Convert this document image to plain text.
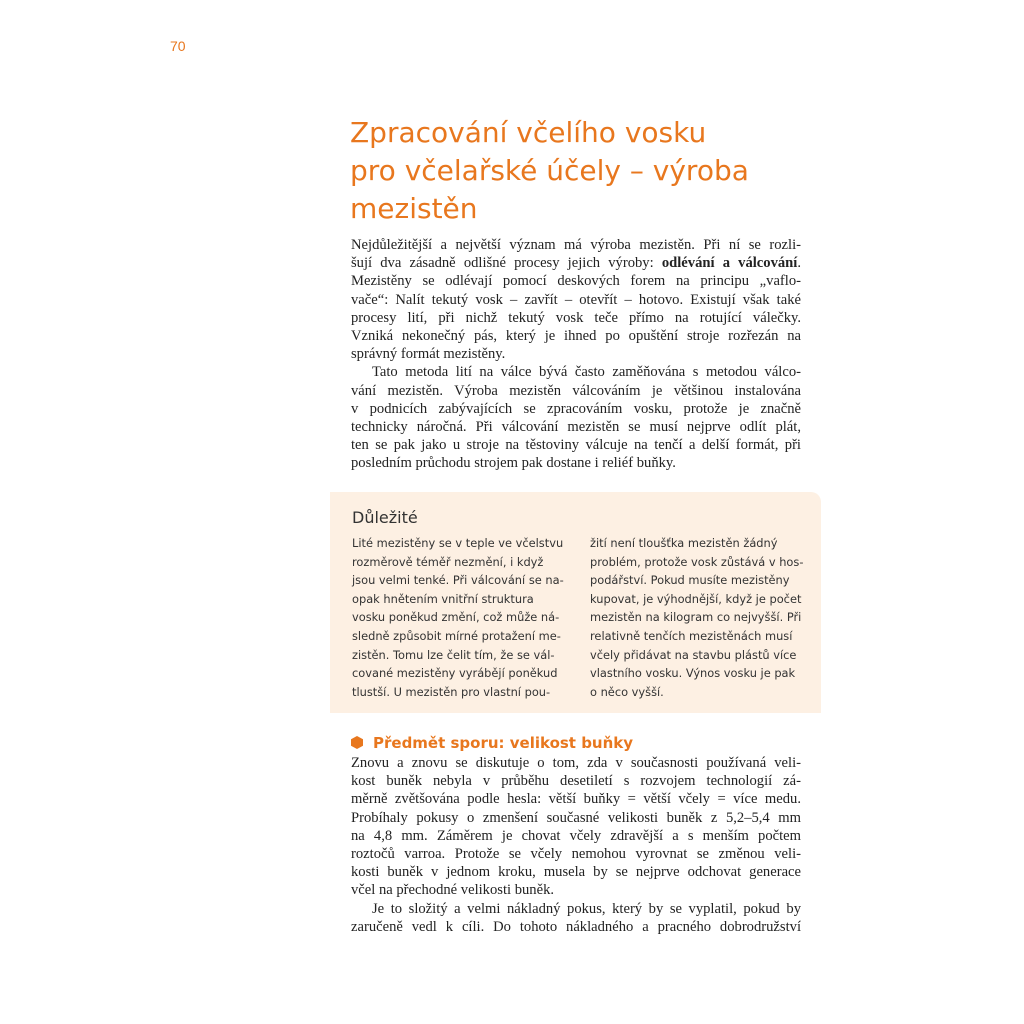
70
Zpracování včelího vosku
pro včelařské účely – výroba
mezistěn

Nejdůležitější a největší význam má výroba mezistěn. Při ní se rozli-
šují dva zásadně odlišné procesy jejich výroby: odlévání a válcování.
Mezistěny se odlévají pomocí deskových forem na principu „vaflo-
vače“: Nalít tekutý vosk – zavřít – otevřít – hotovo. Existují však také
procesy lití, při nichž tekutý vosk teče přímo na rotující válečky.
Vzniká nekonečný pás, který je ihned po opuštění stroje rozřezán na
správný formát mezistěny.

Tato metoda lití na válce bývá často zaměňována s metodou válco-
vání mezistěn. Výroba mezistěn válcováním je většinou instalována
v podnicích zabývajících se zpracováním vosku, protože je značně
technicky náročná. Při válcování mezistěn se musí nejprve odlít plát,
ten se pak jako u stroje na těstoviny válcuje na tenčí a delší formát, při
posledním průchodu strojem pak dostane i reliéf buňky.

Důležité
Lité mezistěny se v teple ve včelstvu
rozměrově téměř nezmění, i když
jsou velmi tenké. Při válcování se na-
opak hnětením vnitřní struktura
vosku poněkud změní, což může ná-
sledně způsobit mírné protažení me-
zistěn. Tomu lze čelit tím, že se vál-
cované mezistěny vyrábějí poněkud
tlustší. U mezistěn pro vlastní pou-
žití není tloušťka mezistěn žádný
problém, protože vosk zůstává v hos-
podářství. Pokud musíte mezistěny
kupovat, je výhodnější, když je počet
mezistěn na kilogram co nejvyšší. Při
relativně tenčích mezistěnách musí
včely přidávat na stavbu plástů více
vlastního vosku. Výnos vosku je pak
o něco vyšší.
Předmět sporu: velikost buňky

Znovu a znovu se diskutuje o tom, zda v současnosti používaná veli-
kost buněk nebyla v průběhu desetiletí s rozvojem technologií zá-
měrně zvětšována podle hesla: větší buňky = větší včely = více medu.
Probíhaly pokusy o zmenšení současné velikosti buněk z 5,2–5,4 mm
na 4,8 mm. Záměrem je chovat včely zdravější a s menším počtem
roztočů varroa. Protože se včely nemohou vyrovnat se změnou veli-
kosti buněk v jednom kroku, musela by se nejprve odchovat generace
včel na přechodné velikosti buněk.

Je to složitý a velmi nákladný pokus, který by se vyplatil, pokud by
zaručeně vedl k cíli. Do tohoto nákladného a pracného dobrodružství
